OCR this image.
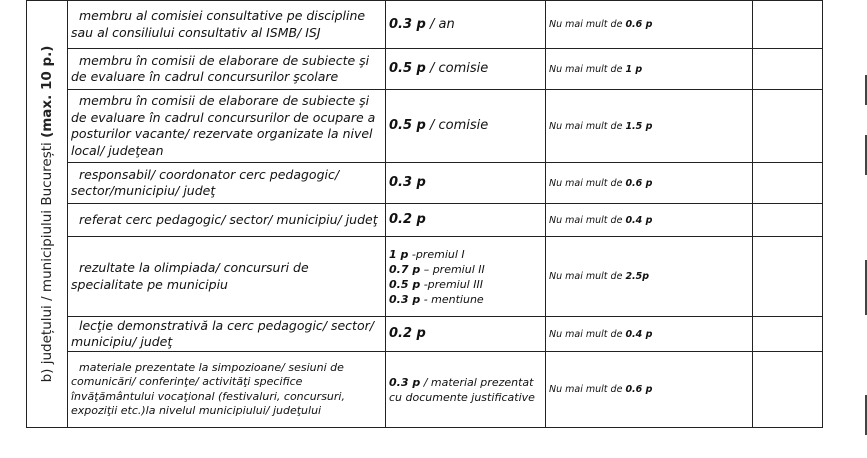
b) județului / municipiului București (max. 10 p.)	membru al comisiei consultative pe discipline sau al consiliului consultativ al ISMB/ ISJ	0.3 p / an	Nu mai mult de 0.6 p	
	membru în comisii de elaborare de subiecte şi de evaluare în cadrul concursurilor şcolare	0.5 p / comisie	Nu mai mult de 1 p	
	membru în comisii de elaborare de subiecte şi de evaluare în cadrul concursurilor de ocupare a posturilor vacante/ rezervate organizate la nivel local/ judeţean	0.5 p / comisie	Nu mai mult de 1.5 p	
	responsabil/ coordonator cerc pedagogic/ sector/municipiu/ judeţ	0.3 p	Nu mai mult de 0.6 p	
	referat cerc pedagogic/ sector/ municipiu/ judeţ	0.2 p	Nu mai mult de 0.4 p	
	rezultate la olimpiada/ concursuri de specialitate pe municipiu	1 p -premiul I
0.7 p – premiul II
0.5 p -premiul III
0.3 p - mentiune	Nu mai mult de 2.5p	
	lecţie demonstrativă la cerc pedagogic/ sector/ municipiu/ judeţ	0.2 p	Nu mai mult de 0.4 p	
	materiale prezentate la simpozioane/ sesiuni de comunicări/ conferinţe/ activităţi specifice învăţământului vocaţional (festivaluri, concursuri, expoziţii etc.)la nivelul municipiului/ judeţului	0.3 p / material prezentat
cu documente justificative	Nu mai mult de 0.6 p	
